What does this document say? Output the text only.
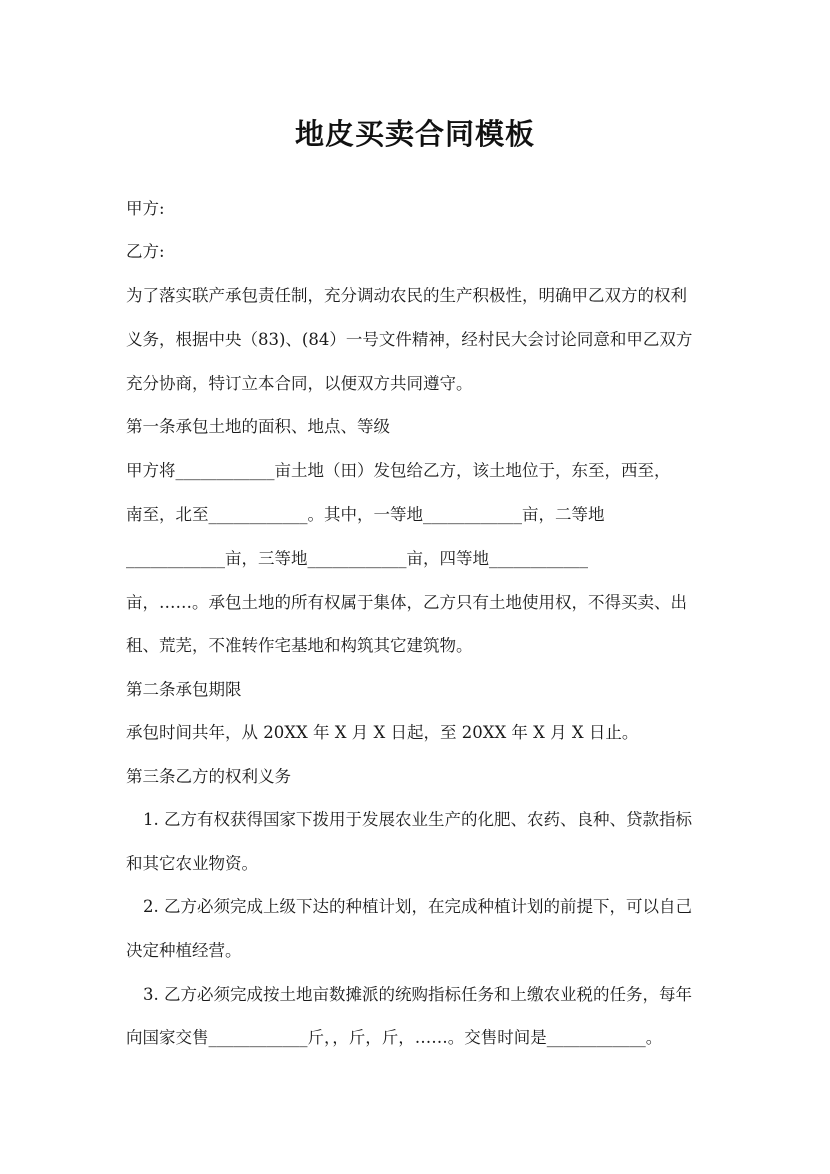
地皮买卖合同模板
甲方:
乙方:
为了落实联产承包责任制，充分调动农民的生产积极性，明确甲乙双方的权利
义务，根据中央（83)、(84）一号文件精神，经村民大会讨论同意和甲乙双方
充分协商，特订立本合同，以便双方共同遵守。
第一条承包土地的面积、地点、等级
甲方将____________亩土地（田）发包给乙方，该土地位于，东至，西至，
南至，北至____________。其中，一等地____________亩，二等地
____________亩，三等地____________亩，四等地____________
亩，……。承包土地的所有权属于集体，乙方只有土地使用权，不得买卖、出
租、荒芜，不准转作宅基地和构筑其它建筑物。
第二条承包期限
承包时间共年，从 20XX 年 X 月 X 日起，至 20XX 年 X 月 X 日止。
第三条乙方的权利义务
1. 乙方有权获得国家下拨用于发展农业生产的化肥、农药、良种、贷款指标
和其它农业物资。
2. 乙方必须完成上级下达的种植计划，在完成种植计划的前提下，可以自己
决定种植经营。
3. 乙方必须完成按土地亩数摊派的统购指标任务和上缴农业税的任务，每年
向国家交售____________斤，，斤，斤，……。交售时间是____________。
